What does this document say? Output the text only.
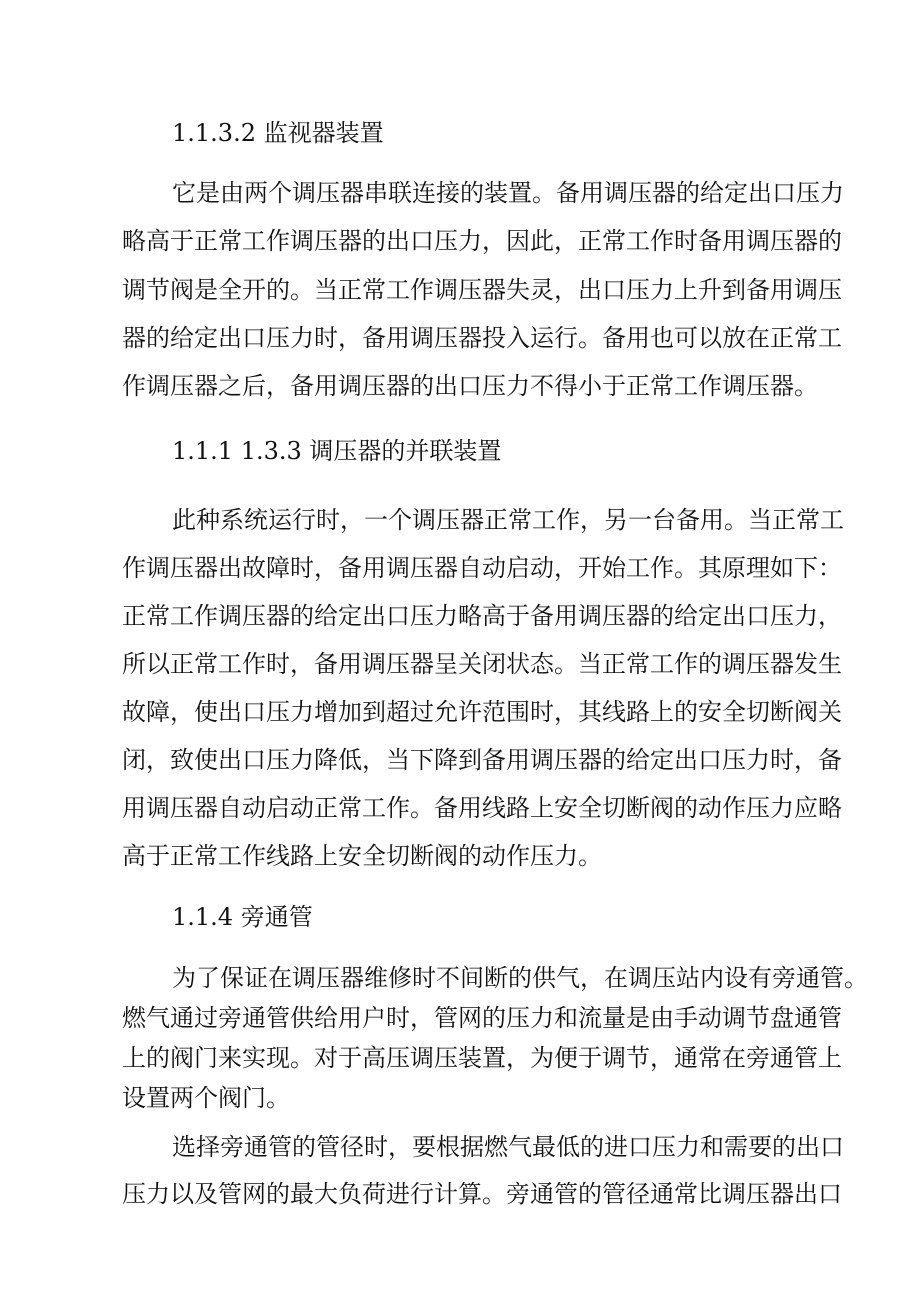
1.1.3.2 监视器装置
它是由两个调压器串联连接的装置。备用调压器的给定出口压力
略高于正常工作调压器的出口压力，因此，正常工作时备用调压器的
调节阀是全开的。当正常工作调压器失灵，出口压力上升到备用调压
器的给定出口压力时，备用调压器投入运行。备用也可以放在正常工
作调压器之后，备用调压器的出口压力不得小于正常工作调压器。
1.1.1 1.3.3 调压器的并联装置
此种系统运行时，一个调压器正常工作，另一台备用。当正常工
作调压器出故障时，备用调压器自动启动，开始工作。其原理如下：
正常工作调压器的给定出口压力略高于备用调压器的给定出口压力，
所以正常工作时，备用调压器呈关闭状态。当正常工作的调压器发生
故障，使出口压力增加到超过允许范围时，其线路上的安全切断阀关
闭，致使出口压力降低，当下降到备用调压器的给定出口压力时，备
用调压器自动启动正常工作。备用线路上安全切断阀的动作压力应略
高于正常工作线路上安全切断阀的动作压力。
1.1.4 旁通管
为了保证在调压器维修时不间断的供气，在调压站内设有旁通管。
燃气通过旁通管供给用户时，管网的压力和流量是由手动调节盘通管
上的阀门来实现。对于高压调压装置，为便于调节，通常在旁通管上
设置两个阀门。
选择旁通管的管径时，要根据燃气最低的进口压力和需要的出口
压力以及管网的最大负荷进行计算。旁通管的管径通常比调压器出口
